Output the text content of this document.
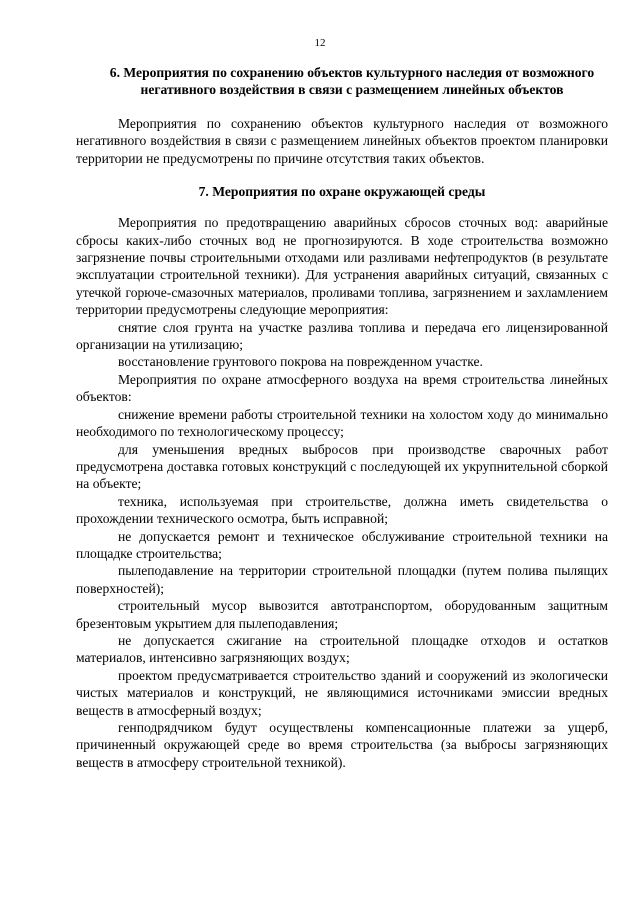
12
6. Мероприятия по сохранению объектов культурного наследия от возможного негативного воздействия в связи с размещением линейных объектов

Мероприятия по сохранению объектов культурного наследия от возможного негативного воздействия в связи с размещением линейных объектов проектом планировки территории не предусмотрены по причине отсутствия таких объектов.

7. Мероприятия по охране окружающей среды

Мероприятия по предотвращению аварийных сбросов сточных вод: аварийные сбросы каких-либо сточных вод не прогнозируются. В ходе строительства возможно загрязнение почвы строительными отходами или разливами нефтепродуктов (в результате эксплуатации строительной техники). Для устранения аварийных ситуаций, связанных с утечкой горюче-смазочных материалов, проливами топлива, загрязнением и захламлением территории предусмотрены следующие мероприятия:

снятие слоя грунта на участке разлива топлива и передача его лицензированной организации на утилизацию;

восстановление грунтового покрова на поврежденном участке.

Мероприятия по охране атмосферного воздуха на время строительства линейных объектов:

снижение времени работы строительной техники на холостом ходу до минимально необходимого по технологическому процессу;

для уменьшения вредных выбросов при производстве сварочных работ предусмотрена доставка готовых конструкций с последующей их укрупнительной сборкой на объекте;

техника, используемая при строительстве, должна иметь свидетельства о прохождении технического осмотра, быть исправной;

не допускается ремонт и техническое обслуживание строительной техники на площадке строительства;

пылеподавление на территории строительной площадки (путем полива пылящих поверхностей);

строительный мусор вывозится автотранспортом, оборудованным защитным брезентовым укрытием для пылеподавления;

не допускается сжигание на строительной площадке отходов и остатков материалов, интенсивно загрязняющих воздух;

проектом предусматривается строительство зданий и сооружений из экологически чистых материалов и конструкций, не являющимися источниками эмиссии вредных веществ в атмосферный воздух;

генподрядчиком будут осуществлены компенсационные платежи за ущерб, причиненный окружающей среде во время строительства (за выбросы загрязняющих веществ в атмосферу строительной техникой).
